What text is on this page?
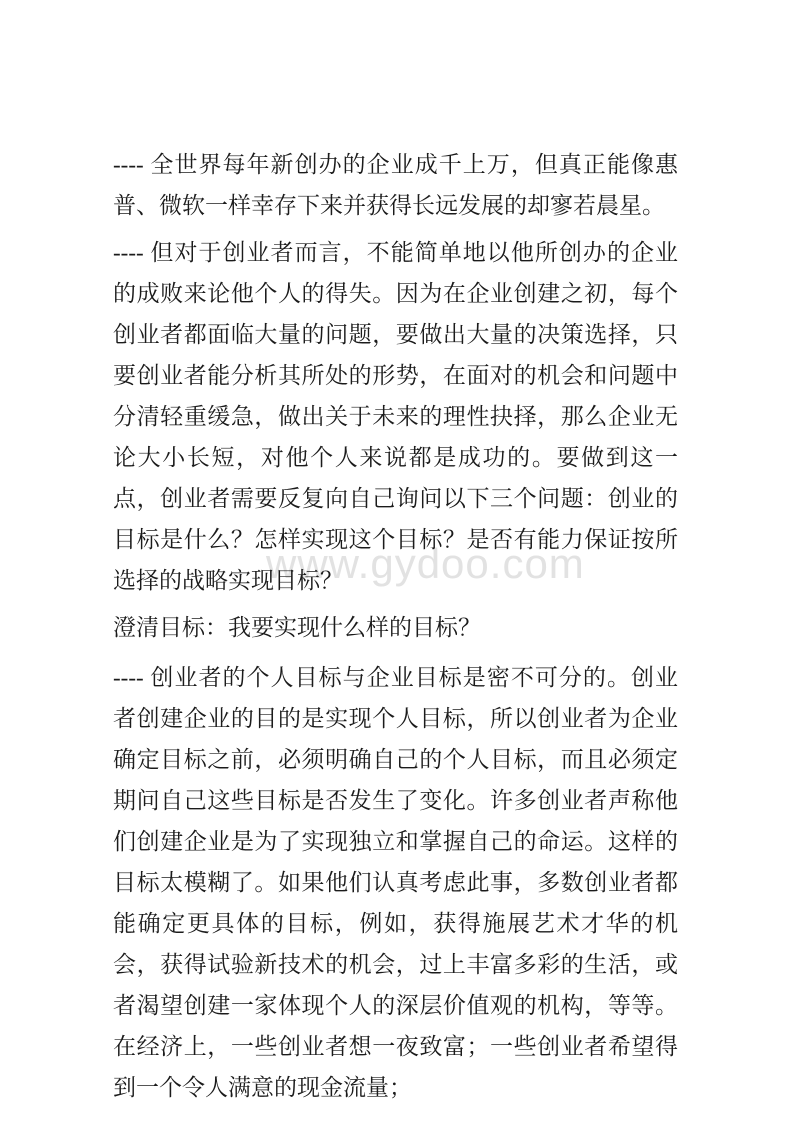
www.gydoo.com

---- 全世界每年新创办的企业成千上万，但真正能像惠普、微软一样幸存下来并获得长远发展的却寥若晨星。

---- 但对于创业者而言，不能简单地以他所创办的企业的成败来论他个人的得失。因为在企业创建之初，每个创业者都面临大量的问题，要做出大量的决策选择，只要创业者能分析其所处的形势，在面对的机会和问题中分清轻重缓急，做出关于未来的理性抉择，那么企业无论大小长短，对他个人来说都是成功的。要做到这一点，创业者需要反复向自己询问以下三个问题：创业的目标是什么？怎样实现这个目标？是否有能力保证按所选择的战略实现目标？

澄清目标：我要实现什么样的目标？

---- 创业者的个人目标与企业目标是密不可分的。创业者创建企业的目的是实现个人目标，所以创业者为企业确定目标之前，必须明确自己的个人目标，而且必须定期问自己这些目标是否发生了变化。许多创业者声称他们创建企业是为了实现独立和掌握自己的命运。这样的目标太模糊了。如果他们认真考虑此事，多数创业者都能确定更具体的目标，例如，获得施展艺术才华的机会，获得试验新技术的机会，过上丰富多彩的生活，或者渴望创建一家体现个人的深层价值观的机构，等等。在经济上，一些创业者想一夜致富；一些创业者希望得到一个令人满意的现金流量；
